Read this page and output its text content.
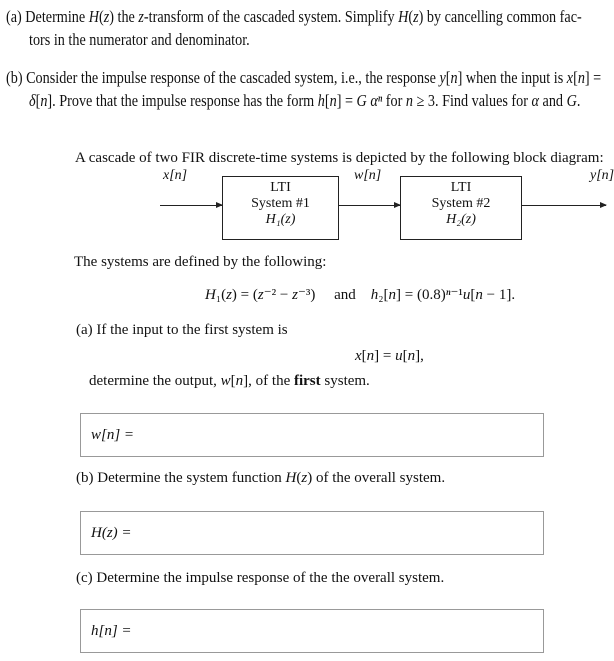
(a) Determine H(z) the z-transform of the cascaded system. Simplify H(z) by cancelling common fac-
tors in the numerator and denominator.
(b) Consider the impulse response of the cascaded system, i.e., the response y[n] when the input is x[n] =
δ[n]. Prove that the impulse response has the form h[n] = G αⁿ for n ≥ 3. Find values for α and G.
A cascade of two FIR discrete-time systems is depicted by the following block diagram:
x[n]
LTI
System #1
H₁(z)
w[n]
LTI
System #2
H₂(z)
y[n]
The systems are defined by the following:
H₁(z) = (z⁻² − z⁻³)     and    h₂[n] = (0.8)ⁿ⁻¹u[n − 1].
(a) If the input to the first system is
x[n] = u[n],
determine the output, w[n], of the first system.
w[n] =
(b) Determine the system function H(z) of the overall system.
H(z) =
(c) Determine the impulse response of the the overall system.
h[n] =
